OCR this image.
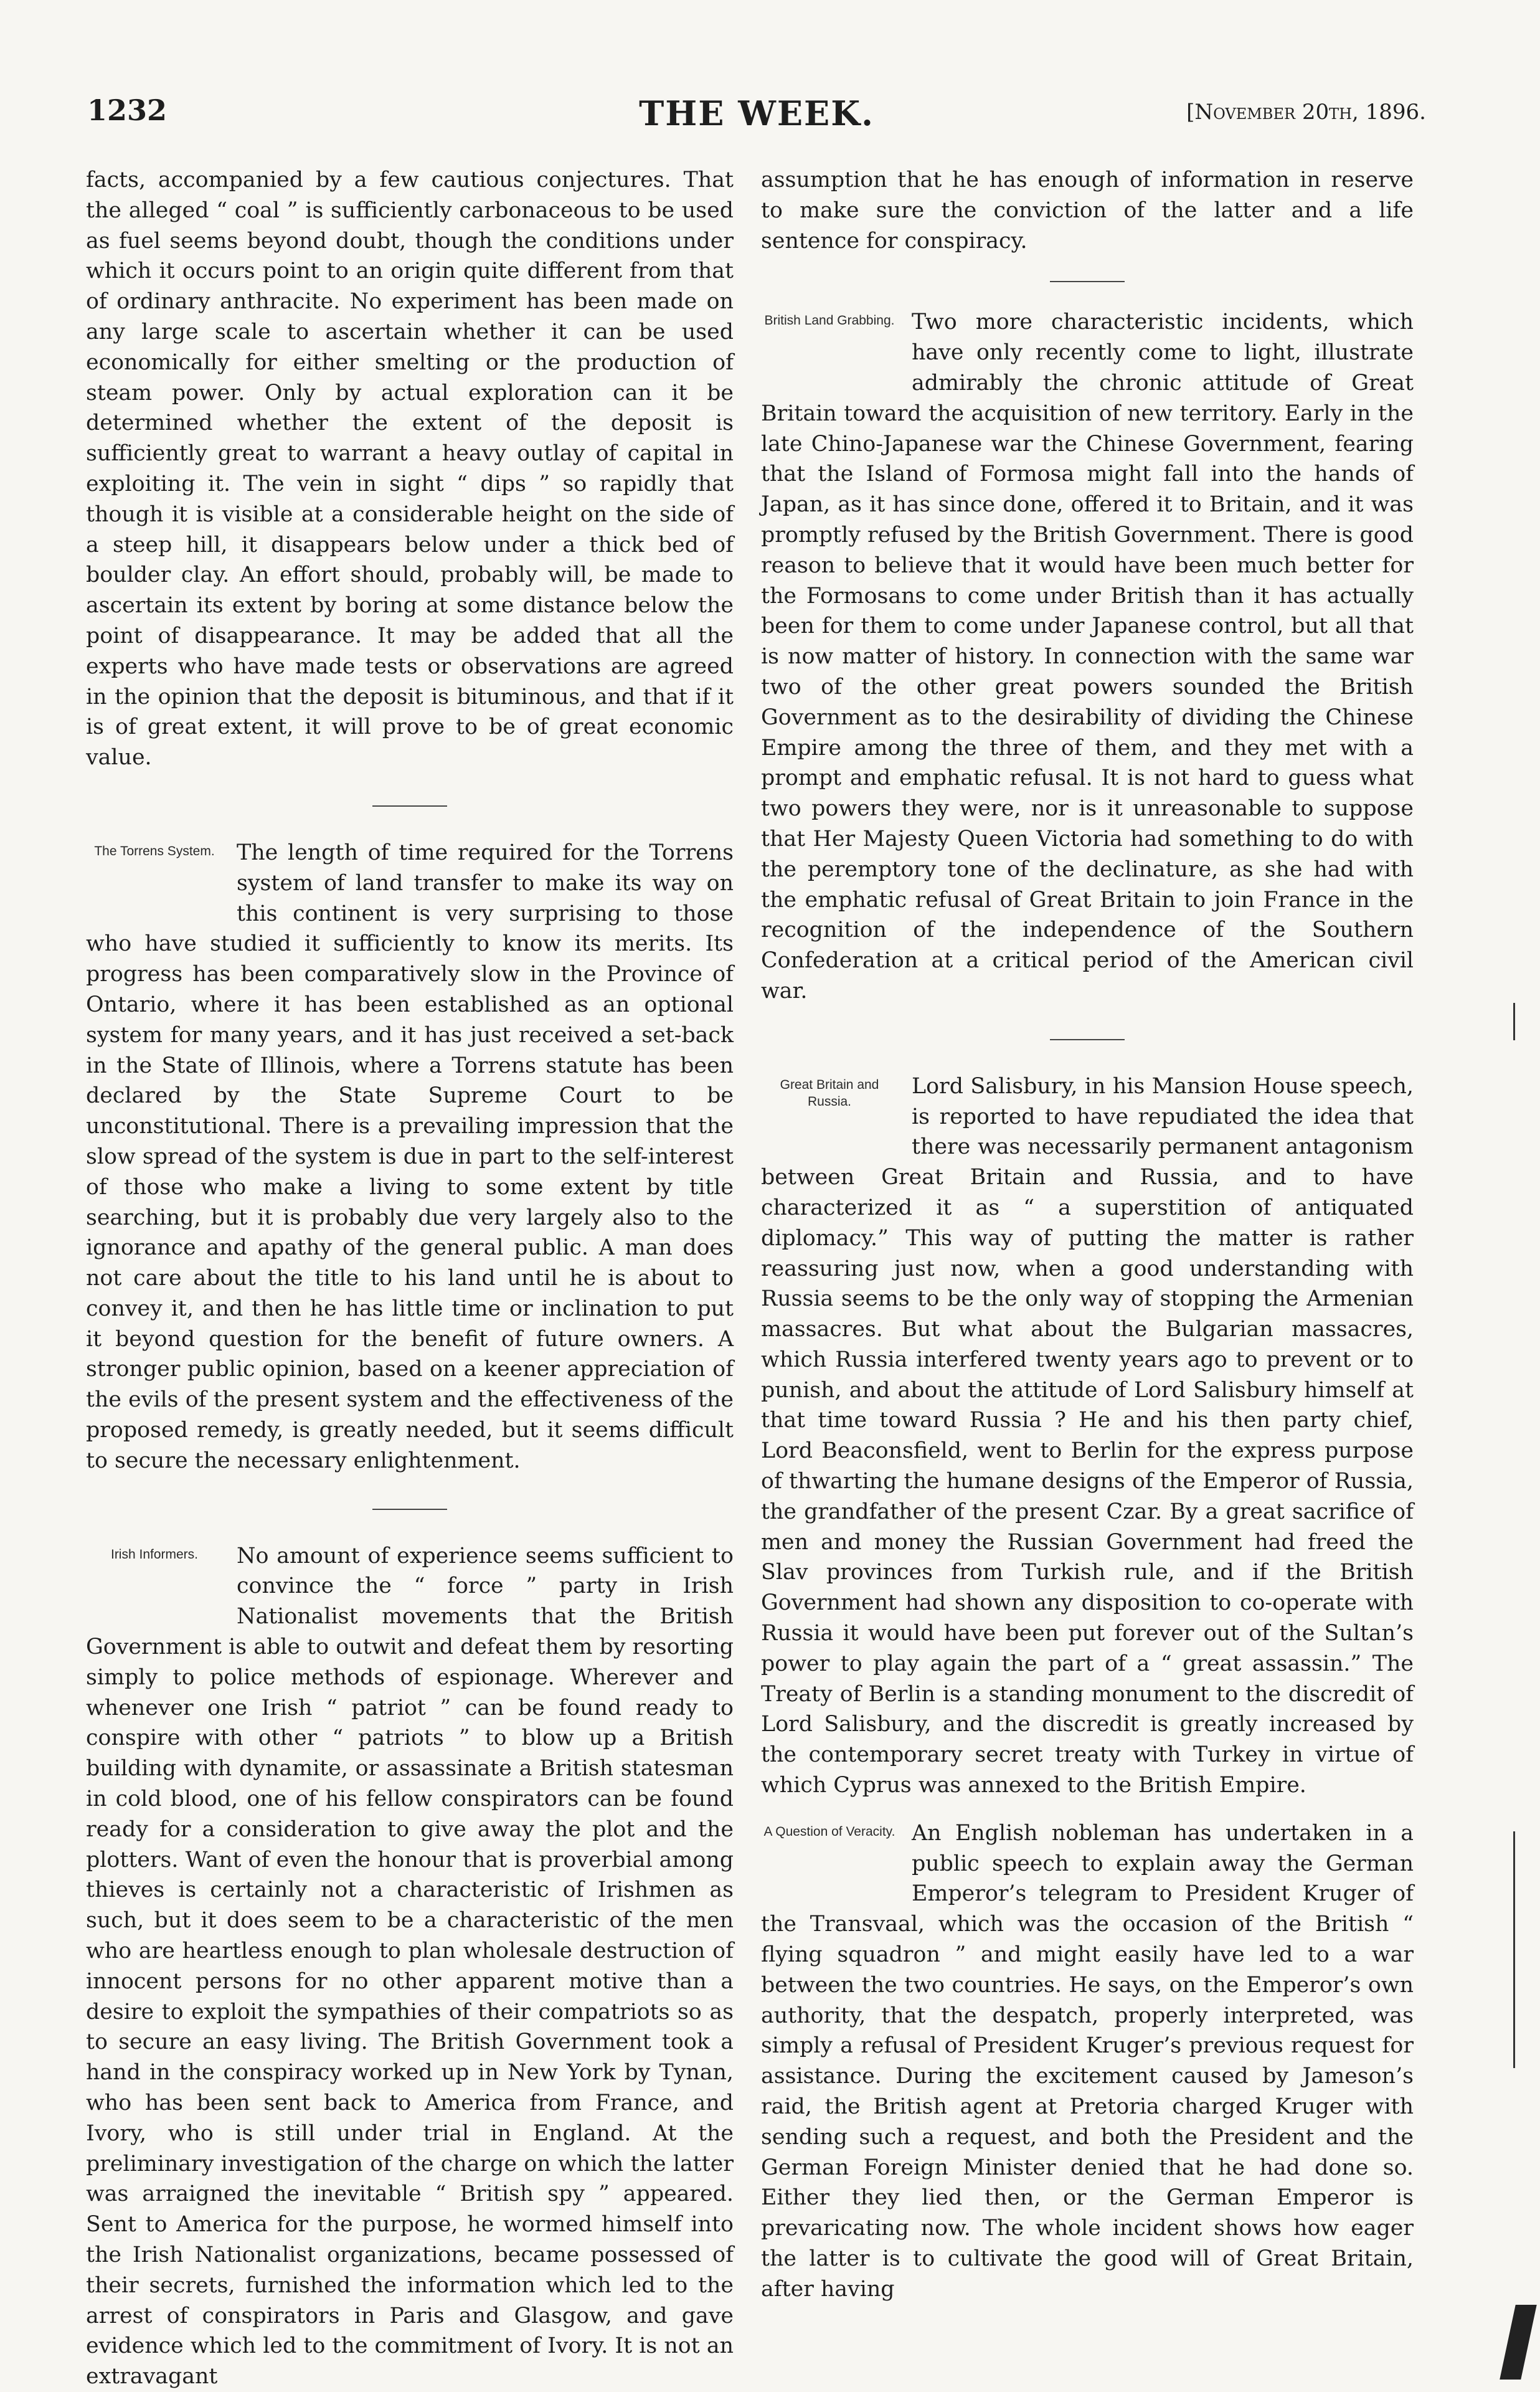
1232	THE WEEK.	[November 20th, 1896.

facts, accompanied by a few cautious conjectures. That the alleged “ coal ” is sufficiently carbonaceous to be used as fuel seems beyond doubt, though the conditions under which it occurs point to an origin quite different from that of ordinary anthracite. No experiment has been made on any large scale to ascertain whether it can be used economically for either smelting or the production of steam power. Only by actual exploration can it be determined whether the extent of the deposit is sufficiently great to warrant a heavy outlay of capital in exploiting it. The vein in sight “ dips ” so rapidly that though it is visible at a considerable height on the side of a steep hill, it disappears below under a thick bed of boulder clay. An effort should, probably will, be made to ascertain its extent by boring at some distance below the point of disappearance. It may be added that all the experts who have made tests or observations are agreed in the opinion that the deposit is bituminous, and that if it is of great extent, it will prove to be of great economic value.

The Torrens System.	The length of time required for the Torrens system of land transfer to make its way on this continent is very surprising to those who have studied it sufficiently to know its merits. Its progress has been comparatively slow in the Province of Ontario, where it has been established as an optional system for many years, and it has just received a set-back in the State of Illinois, where a Torrens statute has been declared by the State Supreme Court to be unconstitutional. There is a prevailing impression that the slow spread of the system is due in part to the self-interest of those who make a living to some extent by title searching, but it is probably due very largely also to the ignorance and apathy of the general public. A man does not care about the title to his land until he is about to convey it, and then he has little time or inclination to put it beyond question for the benefit of future owners. A stronger public opinion, based on a keener appreciation of the evils of the present system and the effectiveness of the proposed remedy, is greatly needed, but it seems difficult to secure the necessary enlightenment.

Irish Informers.	No amount of experience seems sufficient to convince the “ force ” party in Irish Nationalist movements that the British Government is able to outwit and defeat them by resorting simply to police methods of espionage. Wherever and whenever one Irish “ patriot ” can be found ready to conspire with other “ patriots ” to blow up a British building with dynamite, or assassinate a British statesman in cold blood, one of his fellow conspirators can be found ready for a consideration to give away the plot and the plotters. Want of even the honour that is proverbial among thieves is certainly not a characteristic of Irishmen as such, but it does seem to be a characteristic of the men who are heartless enough to plan wholesale destruction of innocent persons for no other apparent motive than a desire to exploit the sympathies of their compatriots so as to secure an easy living. The British Government took a hand in the conspiracy worked up in New York by Tynan, who has been sent back to America from France, and Ivory, who is still under trial in England. At the preliminary investigation of the charge on which the latter was arraigned the inevitable “ British spy ” appeared. Sent to America for the purpose, he wormed himself into the Irish Nationalist organizations, became possessed of their secrets, furnished the information which led to the arrest of conspirators in Paris and Glasgow, and gave evidence which led to the commitment of Ivory. It is not an extravagant

assumption that he has enough of information in reserve to make sure the conviction of the latter and a life sentence for conspiracy.

British Land Grabbing. Two more characteristic incidents, which have only recently come to light, illustrate admirably the chronic attitude of Great Britain toward the acquisition of new territory. Early in the late Chino-Japanese war the Chinese Government, fearing that the Island of Formosa might fall into the hands of Japan, as it has since done, offered it to Britain, and it was promptly refused by the British Government. There is good reason to believe that it would have been much better for the Formosans to come under British than it has actually been for them to come under Japanese control, but all that is now matter of history. In connection with the same war two of the other great powers sounded the British Government as to the desirability of dividing the Chinese Empire among the three of them, and they met with a prompt and emphatic refusal. It is not hard to guess what two powers they were, nor is it unreasonable to suppose that Her Majesty Queen Victoria had something to do with the peremptory tone of the declinature, as she had with the emphatic refusal of Great Britain to join France in the recognition of the independence of the Southern Confederation at a critical period of the American civil war.

Great Britain and Russia.

Lord Salisbury, in his Mansion House speech, is reported to have repudiated the idea that there was necessarily permanent antagonism between Great Britain and Russia, and to have characterized it as “ a superstition of antiquated diplomacy.” This way of putting the matter is rather reassuring just now, when a good understanding with Russia seems to be the only way of stopping the Armenian massacres. But what about the Bulgarian massacres, which Russia interfered twenty years ago to prevent or to punish, and about the attitude of Lord Salisbury himself at that time toward Russia ? He and his then party chief, Lord Beaconsfield, went to Berlin for the express purpose of thwarting the humane designs of the Emperor of Russia, the grandfather of the present Czar. By a great sacrifice of men and money the Russian Government had freed the Slav provinces from Turkish rule, and if the British Government had shown any disposition to co-operate with Russia it would have been put forever out of the Sultan’s power to play again the part of a “ great assassin.” The Treaty of Berlin is a standing monument to the discredit of Lord Salisbury, and the discredit is greatly increased by the contemporary secret treaty with Turkey in virtue of which Cyprus was annexed to the British Empire.

A Question of Veracity. An English nobleman has undertaken in a public speech to explain away the German Emperor’s telegram to President Kruger of the Transvaal, which was the occasion of the British “ flying squadron ” and might easily have led to a war between the two countries. He says, on the Emperor’s own authority, that the despatch, properly interpreted, was simply a refusal of President Kruger’s previous request for assistance. During the excitement caused by Jameson’s raid, the British agent at Pretoria charged Kruger with sending such a request, and both the President and the German Foreign Minister denied that he had done so. Either they lied then, or the German Emperor is prevaricating now. The whole incident shows how eager the latter is to cultivate the good will of Great Britain, after having
